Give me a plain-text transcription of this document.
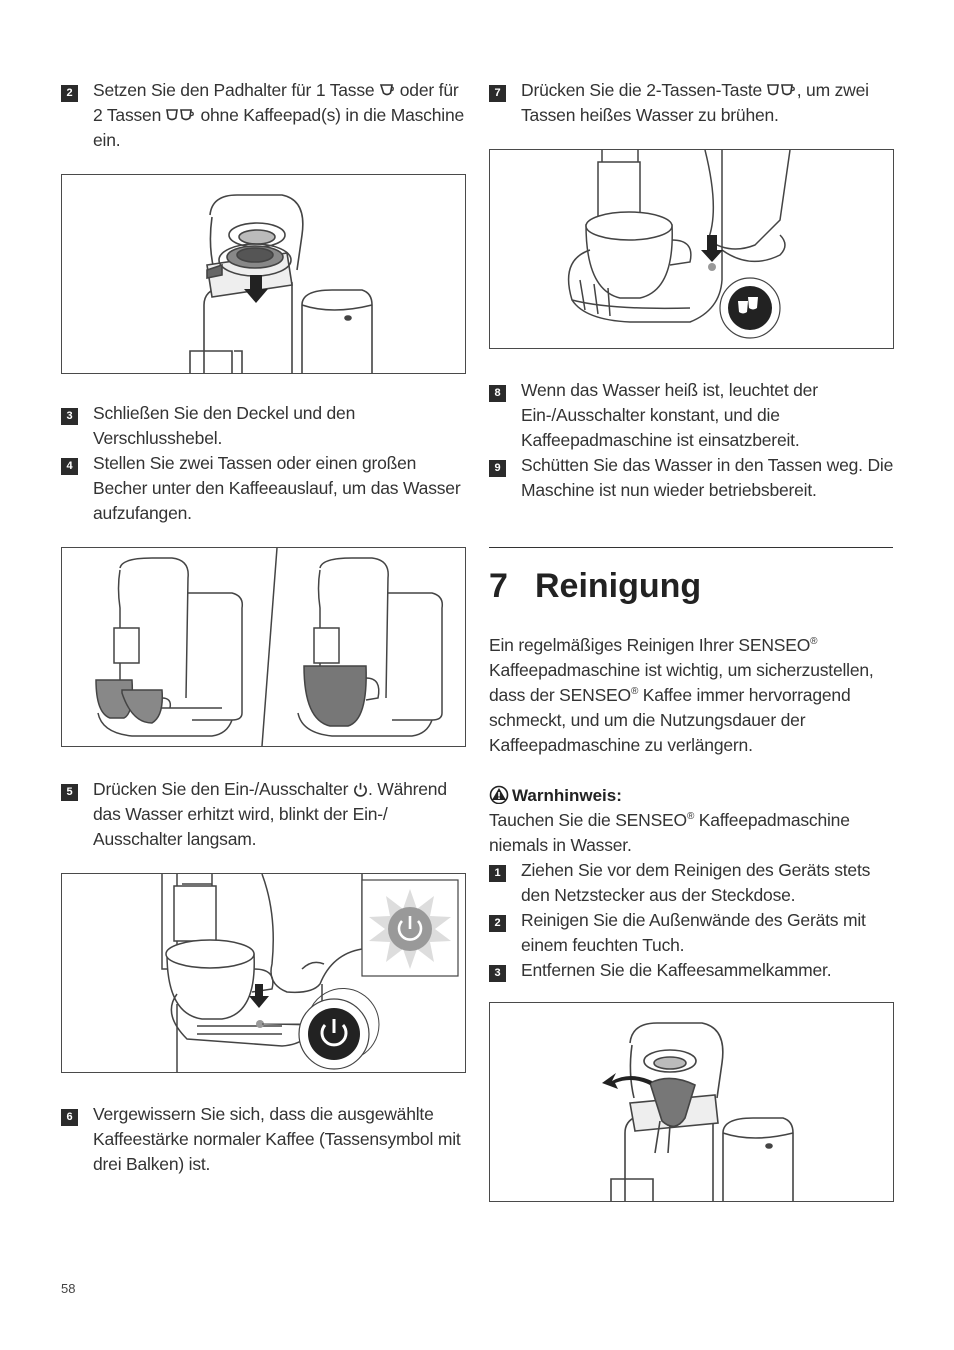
2	Setzen Sie den Padhalter für 1 Tasse oder für 2 Tassen ohne Kaffeepad(s) in die Maschine ein.
3	Schließen Sie den Deckel und den Verschlusshebel.
4	Stellen Sie zwei Tassen oder einen großen Becher unter den Kaffeeauslauf, um das Wasser aufzufangen.
5	Drücken Sie den Ein-/Ausschalter . Während das Wasser erhitzt wird, blinkt der Ein-/ Ausschalter langsam.
6	Vergewissern Sie sich, dass die ausgewählte Kaffeestärke normaler Kaffee (Tassensymbol mit drei Balken) ist.
7	Drücken Sie die 2-Tassen-Taste , um zwei Tassen heißes Wasser zu brühen.
8	Wenn das Wasser heiß ist, leuchtet der Ein-/Ausschalter konstant, und die Kaffeepadmaschine ist einsatzbereit.
9	Schütten Sie das Wasser in den Tassen weg. Die Maschine ist nun wieder betriebsbereit.
7 Reinigung
Ein regelmäßiges Reinigen Ihrer SENSEO® Kaffeepadmaschine ist wichtig, um sicherzustellen, dass der SENSEO® Kaffee immer hervorragend schmeckt, und um die Nutzungsdauer der Kaffeepadmaschine zu verlängern.
Warnhinweis:
Tauchen Sie die SENSEO® Kaffeepadmaschine niemals in Wasser.
1	Ziehen Sie vor dem Reinigen des Geräts stets den Netzstecker aus der Steckdose.
2	Reinigen Sie die Außenwände des Geräts mit einem feuchten Tuch.
3	Entfernen Sie die Kaffeesammelkammer.
58
